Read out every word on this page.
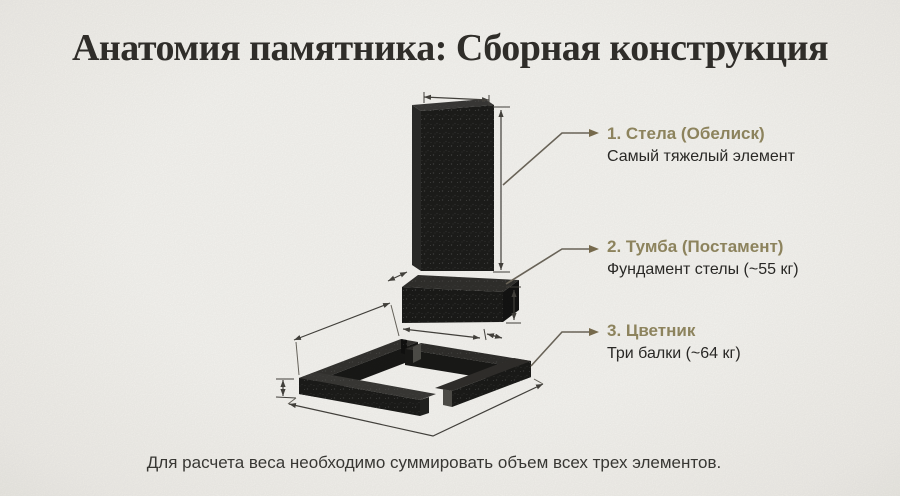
Анатомия памятника: Сборная конструкция
1. Стела (Обелиск)
Самый тяжелый элемент
2. Тумба (Постамент)
Фундамент стелы (~55 кг)
3. Цветник
Три балки (~64 кг)
Для расчета веса необходимо суммировать объем всех трех элементов.
